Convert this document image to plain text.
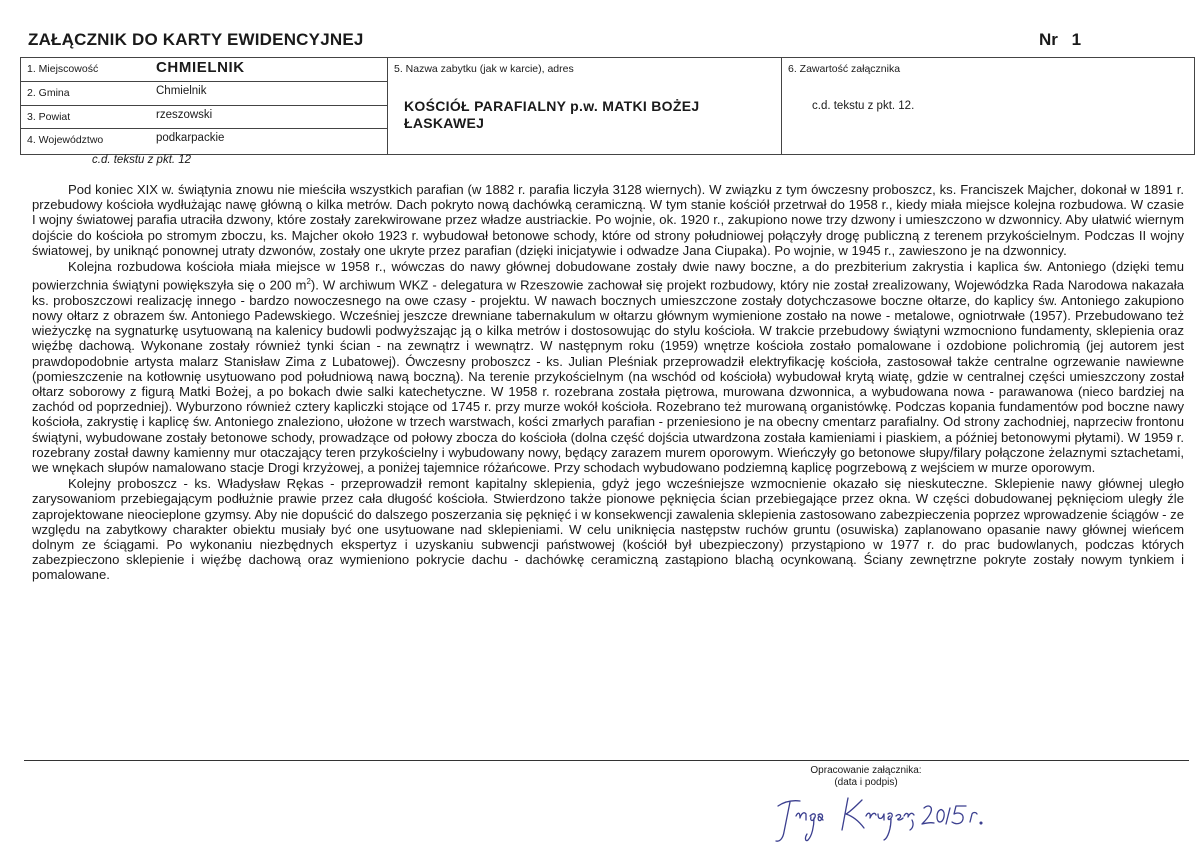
ZAŁĄCZNIK DO KARTY EWIDENCYJNEJ	Nr 1
1. Miejscowość	CHMIELNIK	5. Nazwa zabytku (jak w karcie), adres
KOŚCIÓŁ PARAFIALNY p.w. MATKI BOŻEJ ŁASKAWEJ

6. Zawartość załącznika
c.d. tekstu z pkt. 12.

2. Gmina	Chmielnik

3. Powiat	rzeszowski

4. Województwo	podkarpackie
c.d. tekstu z pkt. 12

Pod koniec XIX w. świątynia znowu nie mieściła wszystkich parafian (w 1882 r. parafia liczyła 3128 wiernych). W związku z tym ówczesny proboszcz, ks. Franciszek Majcher, dokonał w 1891 r. przebudowy kościoła wydłużając nawę główną o kilka metrów. Dach pokryto nową dachówką ceramiczną. W tym stanie kościół przetrwał do 1958 r., kiedy miała miejsce kolejna rozbudowa. W czasie I wojny światowej parafia utraciła dzwony, które zostały zarekwirowane przez władze austriackie. Po wojnie, ok. 1920 r., zakupiono nowe trzy dzwony i umieszczono w dzwonnicy. Aby ułatwić wiernym dojście do kościoła po stromym zboczu, ks. Majcher około 1923 r. wybudował betonowe schody, które od strony południowej połączyły drogę publiczną z terenem przykościelnym. Podczas II wojny światowej, by uniknąć ponownej utraty dzwonów, zostały one ukryte przez parafian (dzięki inicjatywie i odwadze Jana Ciupaka). Po wojnie, w 1945 r., zawieszono je na dzwonnicy.

Kolejna rozbudowa kościoła miała miejsce w 1958 r., wówczas do nawy głównej dobudowane zostały dwie nawy boczne, a do prezbiterium zakrystia i kaplica św. Antoniego (dzięki temu powierzchnia świątyni powiększyła się o 200 $m^2$). W archiwum WKZ - delegatura w Rzeszowie zachował się projekt rozbudowy, który nie został zrealizowany, Wojewódzka Rada Narodowa nakazała ks. proboszczowi realizację innego - bardzo nowoczesnego na owe czasy - projektu. W nawach bocznych umieszczone zostały dotychczasowe boczne ołtarze, do kaplicy św. Antoniego zakupiono nowy ołtarz z obrazem św. Antoniego Padewskiego. Wcześniej jeszcze drewniane tabernakulum w ołtarzu głównym wymienione zostało na nowe - metalowe, ogniotrwałe (1957). Przebudowano też wieżyczkę na sygnaturkę usytuowaną na kalenicy budowli podwyższając ją o kilka metrów i dostosowując do stylu kościoła. W trakcie przebudowy świątyni wzmocniono fundamenty, sklepienia oraz więźbę dachową. Wykonane zostały również tynki ścian - na zewnątrz i wewnątrz. W następnym roku (1959) wnętrze kościoła zostało pomalowane i ozdobione polichromią (jej autorem jest prawdopodobnie artysta malarz Stanisław Zima z Lubatowej). Ówczesny proboszcz - ks. Julian Pleśniak przeprowadził elektryfikację kościoła, zastosował także centralne ogrzewanie nawiewne (pomieszczenie na kotłownię usytuowano pod południową nawą boczną). Na terenie przykościelnym (na wschód od kościoła) wybudował krytą wiatę, gdzie w centralnej części umieszczony został ołtarz soborowy z figurą Matki Bożej, a po bokach dwie salki katechetyczne. W 1958 r. rozebrana została piętrowa, murowana dzwonnica, a wybudowana nowa - parawanowa (nieco bardziej na zachód od poprzedniej). Wyburzono również cztery kapliczki stojące od 1745 r. przy murze wokół kościoła. Rozebrano też murowaną organistówkę. Podczas kopania fundamentów pod boczne nawy kościoła, zakrystię i kaplicę św. Antoniego znaleziono, ułożone w trzech warstwach, kości zmarłych parafian - przeniesiono je na obecny cmentarz parafialny. Od strony zachodniej, naprzeciw frontonu świątyni, wybudowane zostały betonowe schody, prowadzące od połowy zbocza do kościoła (dolna część dojścia utwardzona została kamieniami i piaskiem, a później betonowymi płytami). W 1959 r. rozebrany został dawny kamienny mur otaczający teren przykościelny i wybudowany nowy, będący zarazem murem oporowym. Wieńczyły go betonowe słupy/filary połączone żelaznymi sztachetami, we wnękach słupów namalowano stacje Drogi krzyżowej, a poniżej tajemnice różańcowe. Przy schodach wybudowano podziemną kaplicę pogrzebową z wejściem w murze oporowym.

Kolejny proboszcz - ks. Władysław Rękas - przeprowadził remont kapitalny sklepienia, gdyż jego wcześniejsze wzmocnienie okazało się nieskuteczne. Sklepienie nawy głównej uległo zarysowaniom przebiegającym podłużnie prawie przez cała długość kościoła. Stwierdzono także pionowe pęknięcia ścian przebiegające przez okna. W części dobudowanej pęknięciom uległy źle zaprojektowane nieocieplone gzymsy. Aby nie dopuścić do dalszego poszerzania się pęknięć i w konsekwencji zawalenia sklepienia zastosowano zabezpieczenia poprzez wprowadzenie ściągów - ze względu na zabytkowy charakter obiektu musiały być one usytuowane nad sklepieniami. W celu uniknięcia następstw ruchów gruntu (osuwiska) zaplanowano opasanie nawy głównej wieńcem dolnym ze ściągami. Po wykonaniu niezbędnych ekspertyz i uzyskaniu subwencji państwowej (kościół był ubezpieczony) przystąpiono w 1977 r. do prac budowlanych, podczas których zabezpieczono sklepienie i więźbę dachową oraz wymieniono pokrycie dachu - dachówkę ceramiczną zastąpiono blachą ocynkowaną. Ściany zewnętrzne pokryte zostały nowym tynkiem i pomalowane.

Opracowanie załącznika:
(data i podpis)
